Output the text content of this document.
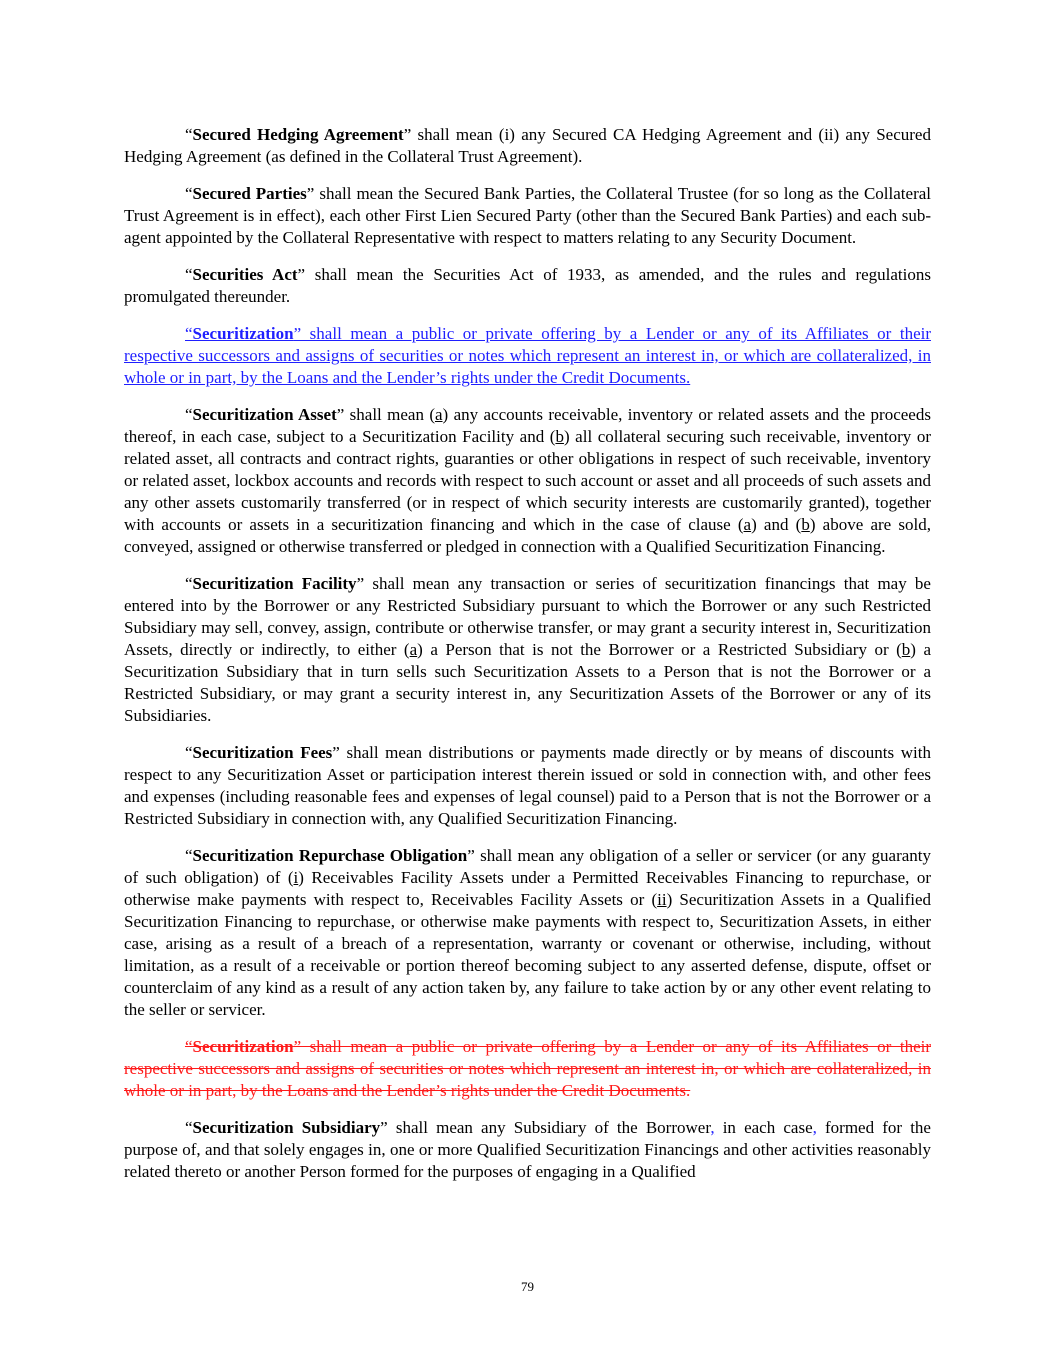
“Secured Hedging Agreement” shall mean (i) any Secured CA Hedging Agreement and (ii) any Secured Hedging Agreement (as defined in the Collateral Trust Agreement).

“Secured Parties” shall mean the Secured Bank Parties, the Collateral Trustee (for so long as the Collateral Trust Agreement is in effect), each other First Lien Secured Party (other than the Secured Bank Parties) and each sub-agent appointed by the Collateral Representative with respect to matters relating to any Security Document.

“Securities Act” shall mean the Securities Act of 1933, as amended, and the rules and regulations promulgated thereunder.

“Securitization” shall mean a public or private offering by a Lender or any of its Affiliates or their respective successors and assigns of securities or notes which represent an interest in, or which are collateralized, in whole or in part, by the Loans and the Lender’s rights under the Credit Documents.

“Securitization Asset” shall mean (a) any accounts receivable, inventory or related assets and the proceeds thereof, in each case, subject to a Securitization Facility and (b) all collateral securing such receivable, inventory or related asset, all contracts and contract rights, guaranties or other obligations in respect of such receivable, inventory or related asset, lockbox accounts and records with respect to such account or asset and all proceeds of such assets and any other assets customarily transferred (or in respect of which security interests are customarily granted), together with accounts or assets in a securitization financing and which in the case of clause (a) and (b) above are sold, conveyed, assigned or otherwise transferred or pledged in connection with a Qualified Securitization Financing.

“Securitization Facility” shall mean any transaction or series of securitization financings that may be entered into by the Borrower or any Restricted Subsidiary pursuant to which the Borrower or any such Restricted Subsidiary may sell, convey, assign, contribute or otherwise transfer, or may grant a security interest in, Securitization Assets, directly or indirectly, to either (a) a Person that is not the Borrower or a Restricted Subsidiary or (b) a Securitization Subsidiary that in turn sells such Securitization Assets to a Person that is not the Borrower or a Restricted Subsidiary, or may grant a security interest in, any Securitization Assets of the Borrower or any of its Subsidiaries.

“Securitization Fees” shall mean distributions or payments made directly or by means of discounts with respect to any Securitization Asset or participation interest therein issued or sold in connection with, and other fees and expenses (including reasonable fees and expenses of legal counsel) paid to a Person that is not the Borrower or a Restricted Subsidiary in connection with, any Qualified Securitization Financing.

“Securitization Repurchase Obligation” shall mean any obligation of a seller or servicer (or any guaranty of such obligation) of (i) Receivables Facility Assets under a Permitted Receivables Financing to repurchase, or otherwise make payments with respect to, Receivables Facility Assets or (ii) Securitization Assets in a Qualified Securitization Financing to repurchase, or otherwise make payments with respect to, Securitization Assets, in either case, arising as a result of a breach of a representation, warranty or covenant or otherwise, including, without limitation, as a result of a receivable or portion thereof becoming subject to any asserted defense, dispute, offset or counterclaim of any kind as a result of any action taken by, any failure to take action by or any other event relating to the seller or servicer.

“Securitization” shall mean a public or private offering by a Lender or any of its Affiliates or their respective successors and assigns of securities or notes which represent an interest in, or which are collateralized, in whole or in part, by the Loans and the Lender’s rights under the Credit Documents.

“Securitization Subsidiary” shall mean any Subsidiary of the Borrower, in each case, formed for the purpose of, and that solely engages in, one or more Qualified Securitization Financings and other activities reasonably related thereto or another Person formed for the purposes of engaging in a Qualified

79
